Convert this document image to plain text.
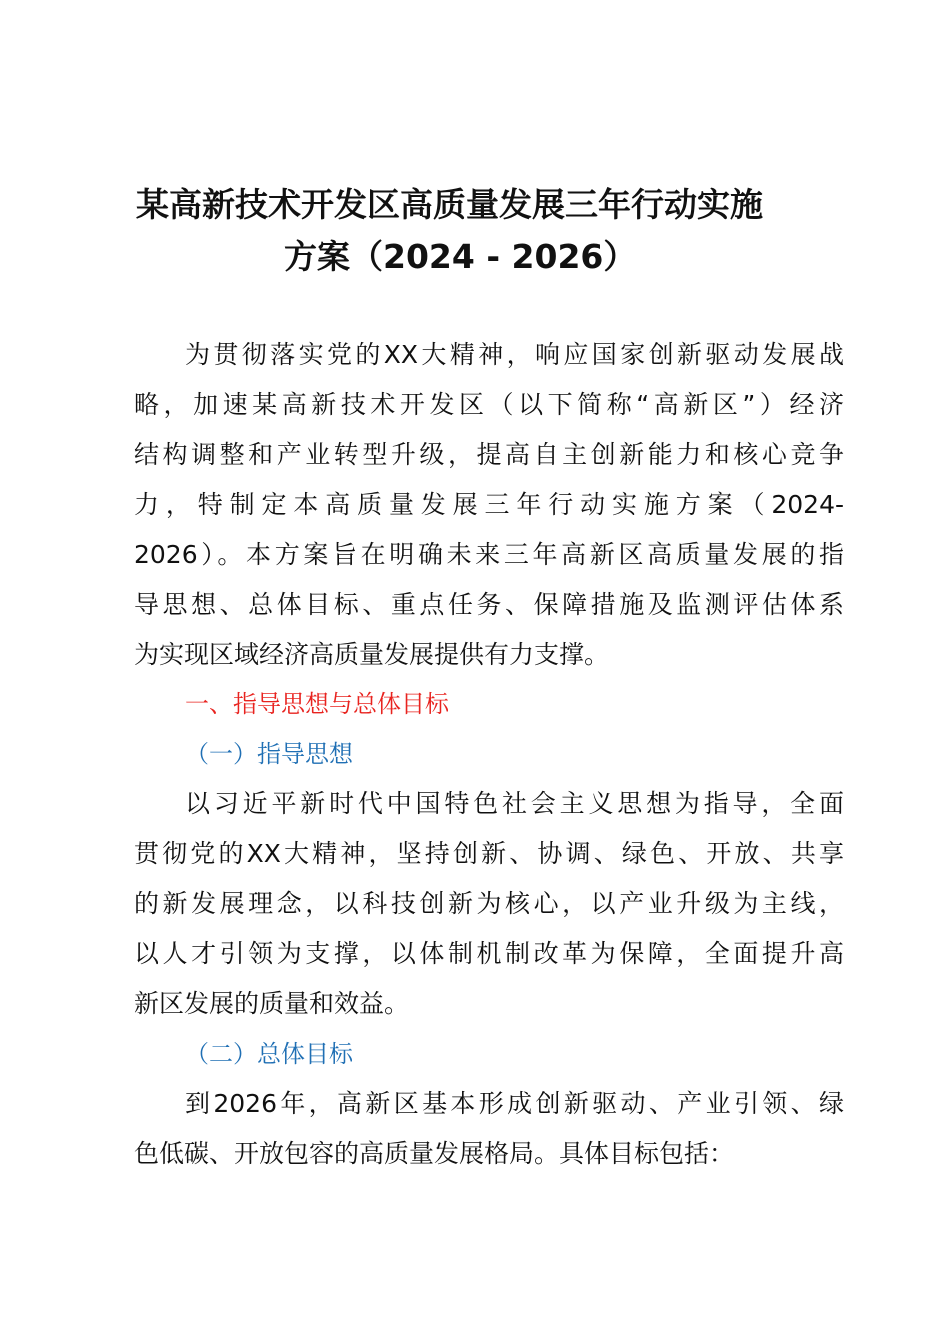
某高新技术开发区高质量发展三年行动实施
方案（2024 - 2026）
为贯彻落实党的XX大精神，响应国家创新驱动发展战
略，加速某高新技术开发区（以下简称“高新区”）经济
结构调整和产业转型升级，提高自主创新能力和核心竞争
力，特制定本高质量发展三年行动实施方案（2024-
2026）。本方案旨在明确未来三年高新区高质量发展的指
导思想、总体目标、重点任务、保障措施及监测评估体系
为实现区域经济高质量发展提供有力支撑。
一、指导思想与总体目标
（一）指导思想
以习近平新时代中国特色社会主义思想为指导，全面
贯彻党的XX大精神，坚持创新、协调、绿色、开放、共享
的新发展理念，以科技创新为核心，以产业升级为主线，
以人才引领为支撑，以体制机制改革为保障，全面提升高
新区发展的质量和效益。
（二）总体目标
到2026年，高新区基本形成创新驱动、产业引领、绿
色低碳、开放包容的高质量发展格局。具体目标包括：
